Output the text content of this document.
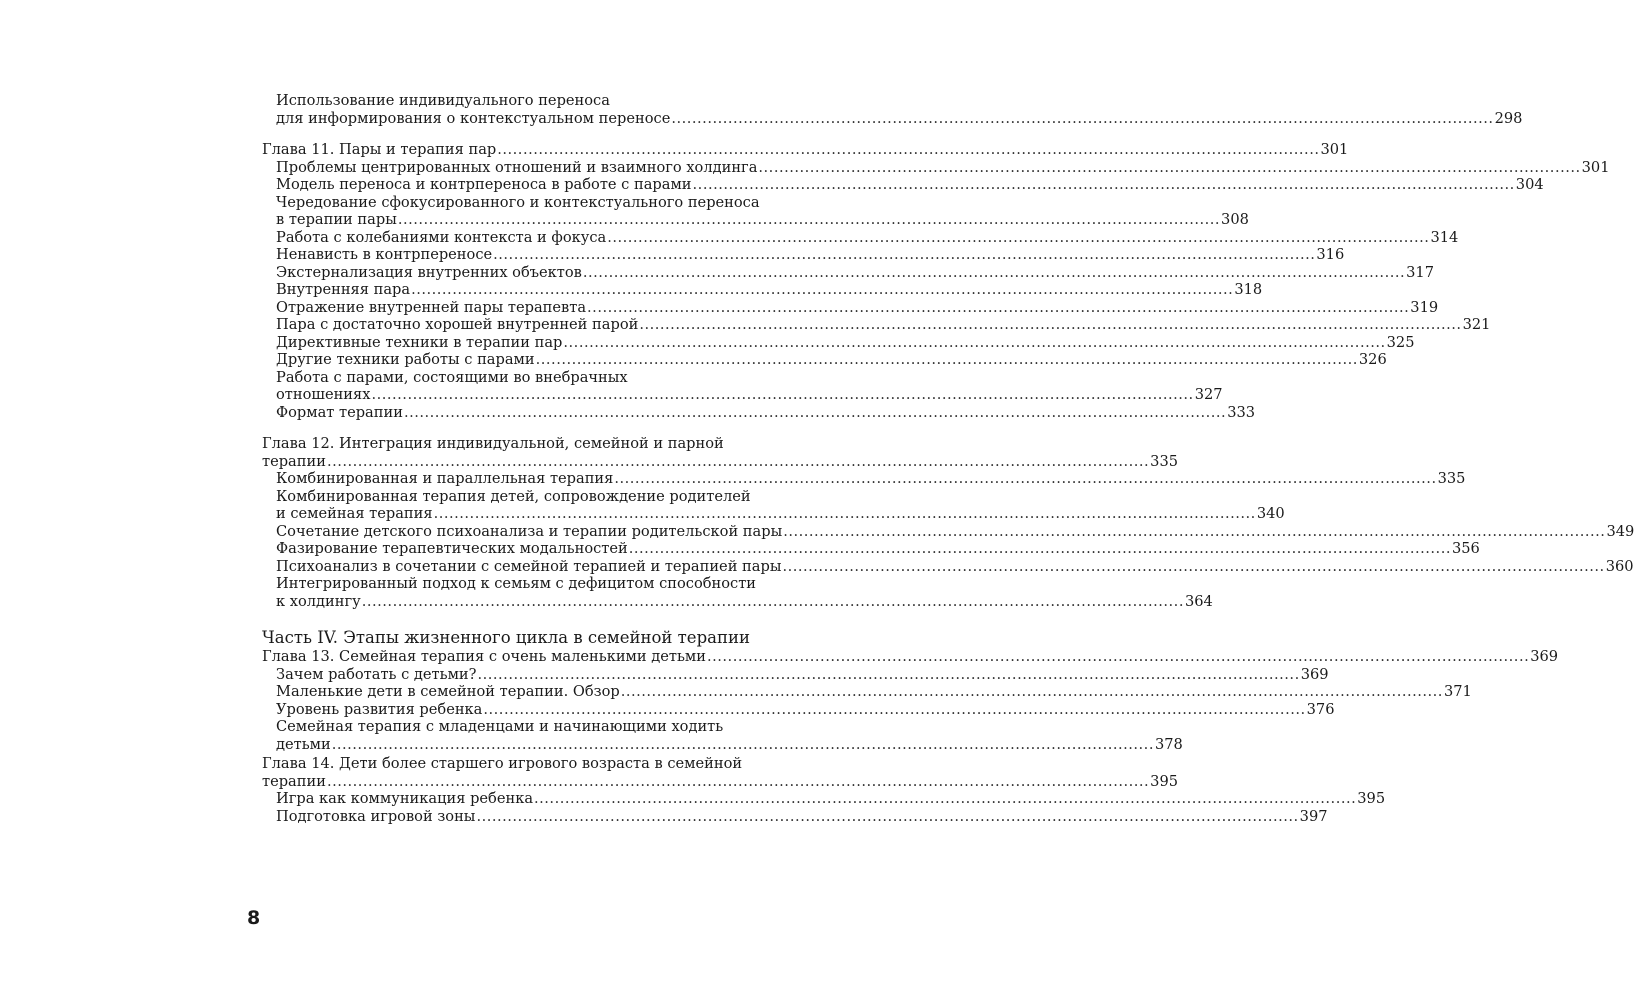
Использование индивидуального переноса
для информирования о контекстуальном переносе .....	298
Глава 11. Пары и терапия пар .....	301
Проблемы центрированных отношений и взаимного холдинга .....	301
Модель переноса и контрпереноса в работе с парами .....	304
Чередование сфокусированного и контекстуального переноса
в терапии пары .....	308
Работа с колебаниями контекста и фокуса .....	314
Ненависть в контрпереносе .....	316
Экстернализация внутренних объектов .....	317
Внутренняя пара .....	318
Отражение внутренней пары терапевта .....	319
Пара с достаточно хорошей внутренней парой .....	321
Директивные техники в терапии пар .....	325
Другие техники работы с парами .....	326
Работа с парами, состоящими во внебрачных
отношениях .....	327
Формат терапии .....	333
Глава 12. Интеграция индивидуальной, семейной и парной
терапии .....	335
Комбинированная и параллельная терапия .....	335
Комбинированная терапия детей, сопровождение родителей
и семейная терапия .....	340
Сочетание детского психоанализа и терапии родительской пары .....	349
Фазирование терапевтических модальностей .....	356
Психоанализ в сочетании с семейной терапией и терапией пары .....	360
Интегрированный подход к семьям с дефицитом способности
к холдингу .....	364
Часть IV. Этапы жизненного цикла в семейной терапии
Глава 13. Семейная терапия с очень маленькими детьми .....	369
Зачем работать с детьми? .....	369
Маленькие дети в семейной терапии. Обзор .....	371
Уровень развития ребенка .....	376
Семейная терапия с младенцами и начинающими ходить
детьми .....	378
Глава 14. Дети более старшего игрового возраста в семейной
терапии .....	395
Игра как коммуникация ребенка .....	395
Подготовка игровой зоны .....	397
8
